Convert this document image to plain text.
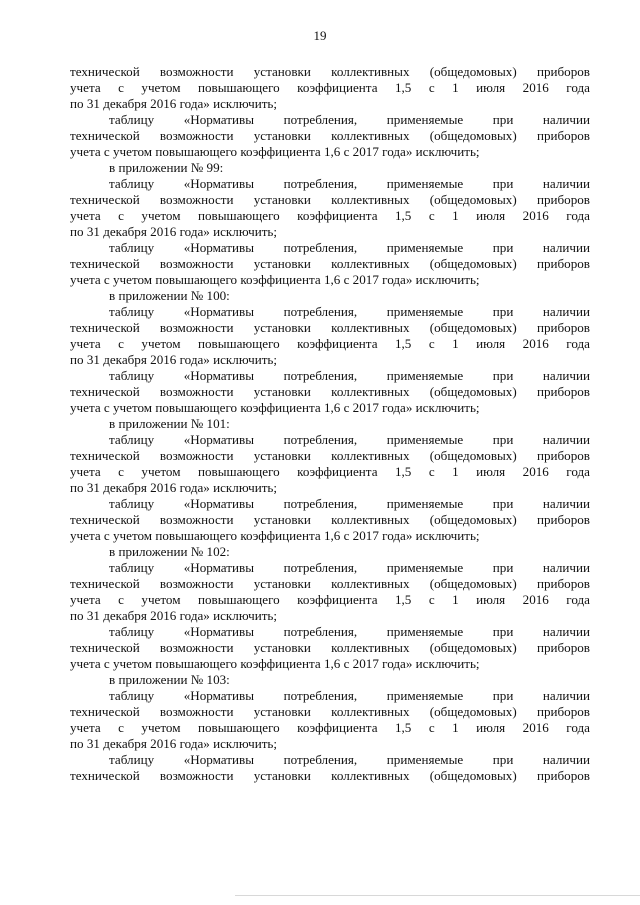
19
технической возможности установки коллективных (общедомовых) приборов
учета с учетом повышающего коэффициента 1,5 с 1 июля 2016 года
по 31 декабря 2016 года» исключить;
таблицу «Нормативы потребления, применяемые при наличии
технической возможности установки коллективных (общедомовых) приборов
учета с учетом повышающего коэффициента 1,6 с 2017 года» исключить;
в приложении № 99:
таблицу «Нормативы потребления, применяемые при наличии
технической возможности установки коллективных (общедомовых) приборов
учета с учетом повышающего коэффициента 1,5 с 1 июля 2016 года
по 31 декабря 2016 года» исключить;
таблицу «Нормативы потребления, применяемые при наличии
технической возможности установки коллективных (общедомовых) приборов
учета с учетом повышающего коэффициента 1,6 с 2017 года» исключить;
в приложении № 100:
таблицу «Нормативы потребления, применяемые при наличии
технической возможности установки коллективных (общедомовых) приборов
учета с учетом повышающего коэффициента 1,5 с 1 июля 2016 года
по 31 декабря 2016 года» исключить;
таблицу «Нормативы потребления, применяемые при наличии
технической возможности установки коллективных (общедомовых) приборов
учета с учетом повышающего коэффициента 1,6 с 2017 года» исключить;
в приложении № 101:
таблицу «Нормативы потребления, применяемые при наличии
технической возможности установки коллективных (общедомовых) приборов
учета с учетом повышающего коэффициента 1,5 с 1 июля 2016 года
по 31 декабря 2016 года» исключить;
таблицу «Нормативы потребления, применяемые при наличии
технической возможности установки коллективных (общедомовых) приборов
учета с учетом повышающего коэффициента 1,6 с 2017 года» исключить;
в приложении № 102:
таблицу «Нормативы потребления, применяемые при наличии
технической возможности установки коллективных (общедомовых) приборов
учета с учетом повышающего коэффициента 1,5 с 1 июля 2016 года
по 31 декабря 2016 года» исключить;
таблицу «Нормативы потребления, применяемые при наличии
технической возможности установки коллективных (общедомовых) приборов
учета с учетом повышающего коэффициента 1,6 с 2017 года» исключить;
в приложении № 103:
таблицу «Нормативы потребления, применяемые при наличии
технической возможности установки коллективных (общедомовых) приборов
учета с учетом повышающего коэффициента 1,5 с 1 июля 2016 года
по 31 декабря 2016 года» исключить;
таблицу «Нормативы потребления, применяемые при наличии
технической возможности установки коллективных (общедомовых) приборов
